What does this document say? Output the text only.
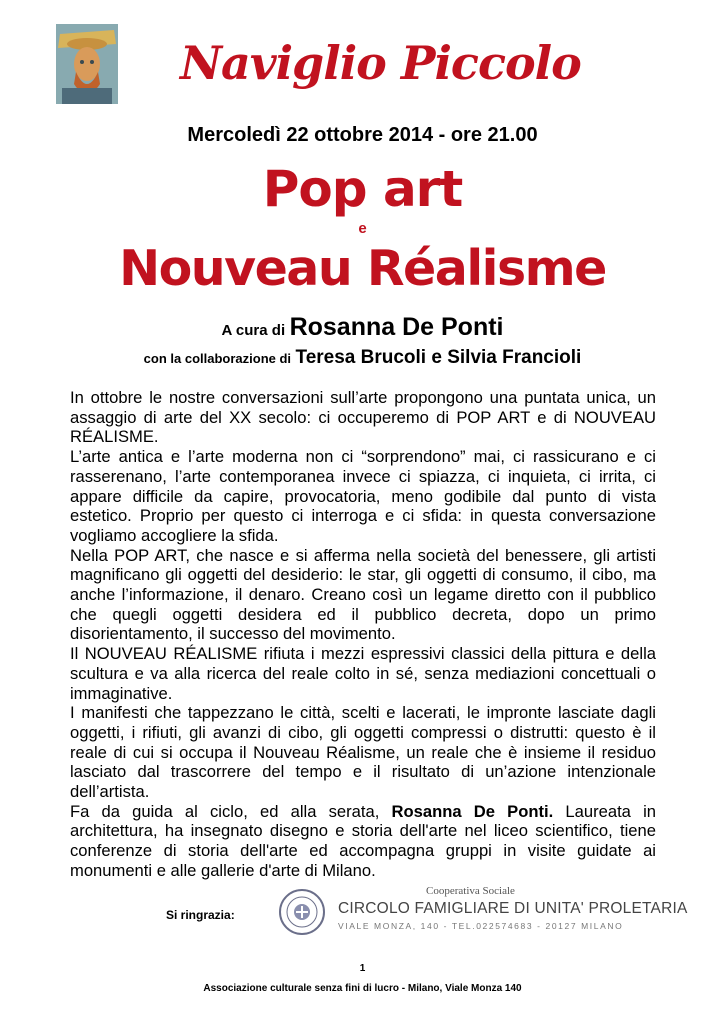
Naviglio Piccolo
Mercoledì 22 ottobre 2014 - ore 21.00
Pop art
e
Nouveau Réalisme
A cura di Rosanna De Ponti
con la collaborazione di Teresa Brucoli e Silvia Francioli

In ottobre le nostre conversazioni sull’arte propongono una puntata unica, un assaggio di arte del XX secolo: ci occuperemo di POP ART e di NOUVEAU RÉALISME.

L’arte antica e l’arte moderna non ci “sorprendono” mai, ci rassicurano e ci rasserenano, l’arte contemporanea invece ci spiazza, ci inquieta, ci irrita, ci appare difficile da capire, provocatoria, meno godibile dal punto di vista estetico. Proprio per questo ci interroga e ci sfida: in questa conversazione vogliamo accogliere la sfida.

Nella POP ART, che nasce e si afferma nella società del benessere, gli artisti magnificano gli oggetti del desiderio: le star, gli oggetti di consumo, il cibo, ma anche l’informazione, il denaro. Creano così un legame diretto con il pubblico che quegli oggetti desidera ed il pubblico decreta, dopo un primo disorientamento, il successo del movimento.

Il NOUVEAU RÉALISME rifiuta i mezzi espressivi classici della pittura e della scultura e va alla ricerca del reale colto in sé, senza mediazioni concettuali o immaginative.

I manifesti che tappezzano le città, scelti e lacerati, le impronte lasciate dagli oggetti, i rifiuti, gli avanzi di cibo, gli oggetti compressi o distrutti: questo è il reale di cui si occupa il Nouveau Réalisme, un reale che è insieme il residuo lasciato dal trascorrere del tempo e il risultato di un’azione intenzionale dell’artista.

Fa da guida al ciclo, ed alla serata, Rosanna De Ponti. Laureata in architettura, ha insegnato disegno e storia dell'arte nel liceo scientifico, tiene conferenze di storia dell'arte ed accompagna gruppi in visite guidate ai monumenti e alle gallerie d'arte di Milano.

Si ringrazia:
Cooperativa Sociale
CIRCOLO FAMIGLIARE DI UNITA' PROLETARIA
VIALE MONZA, 140 - TEL.022574683 - 20127 MILANO
1
Associazione culturale senza fini di lucro - Milano, Viale Monza 140
